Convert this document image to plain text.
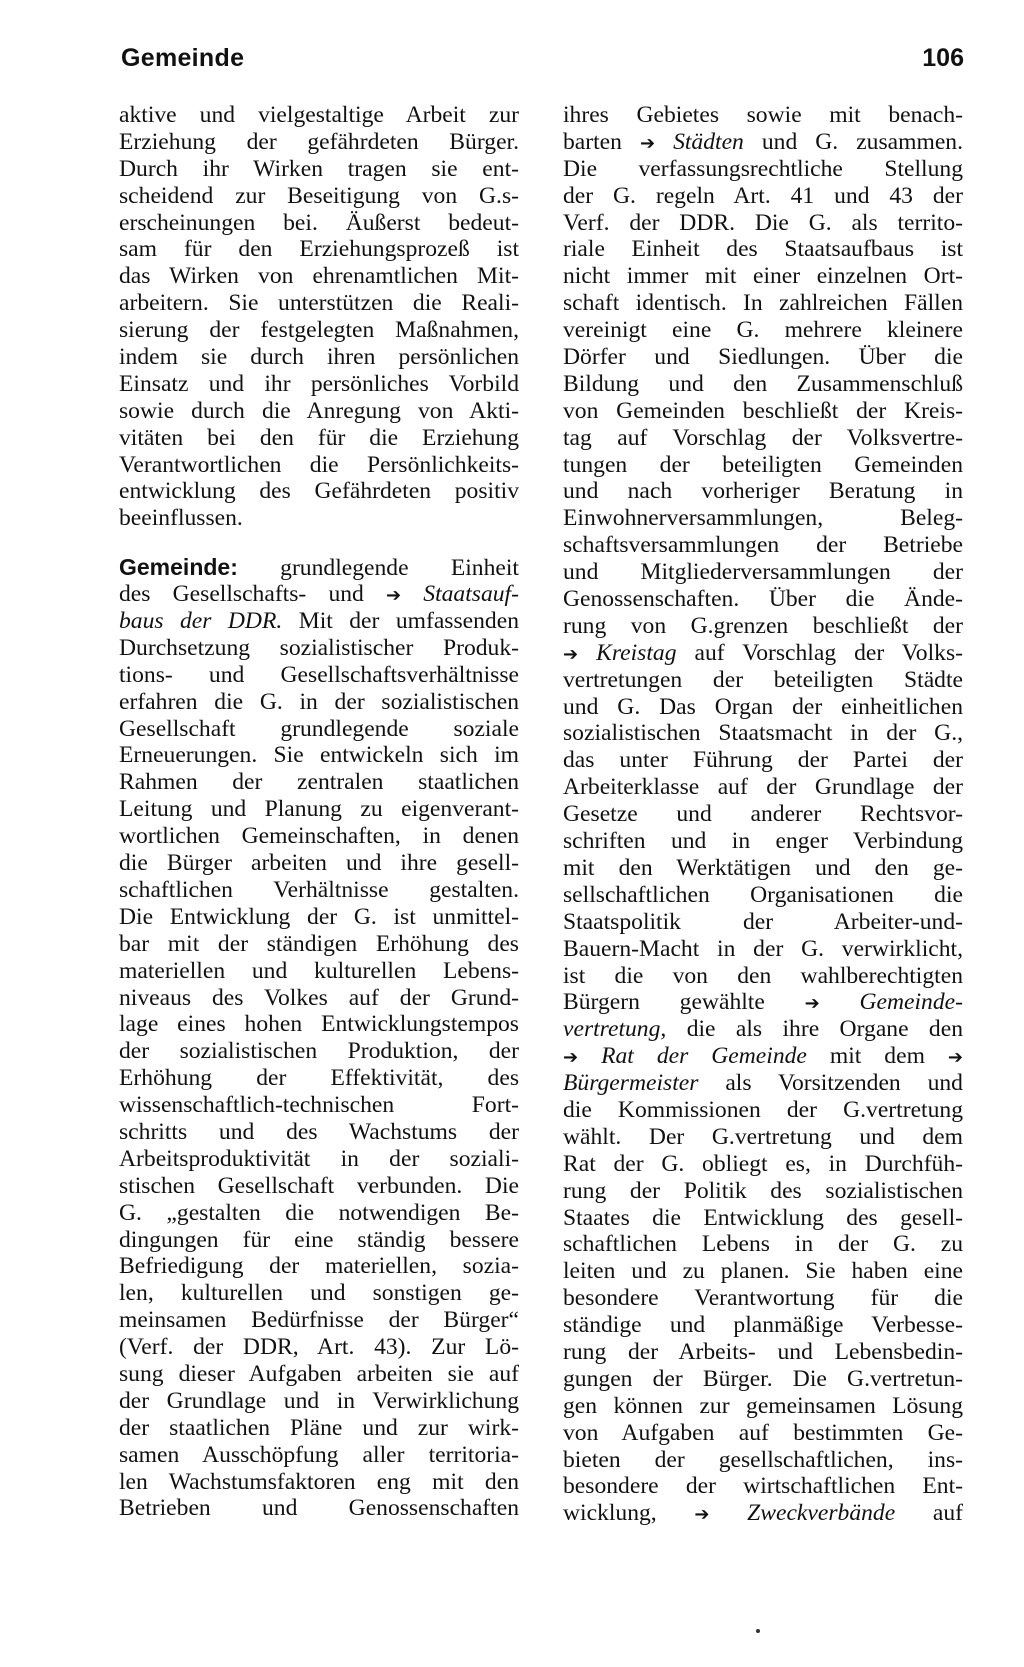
Gemeinde	106
aktive und vielgestaltige Arbeit zur
Erziehung der gefährdeten Bürger.
Durch ihr Wirken tragen sie ent-
scheidend zur Beseitigung von G.s-
erscheinungen bei. Äußerst bedeut-
sam für den Erziehungsprozeß ist
das Wirken von ehrenamtlichen Mit-
arbeitern. Sie unterstützen die Reali-
sierung der festgelegten Maßnahmen,
indem sie durch ihren persönlichen
Einsatz und ihr persönliches Vorbild
sowie durch die Anregung von Akti-
vitäten bei den für die Erziehung
Verantwortlichen die Persönlichkeits-
entwicklung des Gefährdeten positiv
beeinflussen.
Gemeinde: grundlegende Einheit
des Gesellschafts- und ➔ Staatsauf-
baus der DDR. Mit der umfassenden
Durchsetzung sozialistischer Produk-
tions- und Gesellschaftsverhältnisse
erfahren die G. in der sozialistischen
Gesellschaft grundlegende soziale
Erneuerungen. Sie entwickeln sich im
Rahmen der zentralen staatlichen
Leitung und Planung zu eigenverant-
wortlichen Gemeinschaften, in denen
die Bürger arbeiten und ihre gesell-
schaftlichen Verhältnisse gestalten.
Die Entwicklung der G. ist unmittel-
bar mit der ständigen Erhöhung des
materiellen und kulturellen Lebens-
niveaus des Volkes auf der Grund-
lage eines hohen Entwicklungstempos
der sozialistischen Produktion, der
Erhöhung der Effektivität, des
wissenschaftlich-technischen Fort-
schritts und des Wachstums der
Arbeitsproduktivität in der soziali-
stischen Gesellschaft verbunden. Die
G. „gestalten die notwendigen Be-
dingungen für eine ständig bessere
Befriedigung der materiellen, sozia-
len, kulturellen und sonstigen ge-
meinsamen Bedürfnisse der Bürger“
(Verf. der DDR, Art. 43). Zur Lö-
sung dieser Aufgaben arbeiten sie auf
der Grundlage und in Verwirklichung
der staatlichen Pläne und zur wirk-
samen Ausschöpfung aller territoria-
len Wachstumsfaktoren eng mit den
Betrieben und Genossenschaften
ihres Gebietes sowie mit benach-
barten ➔ Städten und G. zusammen.
Die verfassungsrechtliche Stellung
der G. regeln Art. 41 und 43 der
Verf. der DDR. Die G. als territo-
riale Einheit des Staatsaufbaus ist
nicht immer mit einer einzelnen Ort-
schaft identisch. In zahlreichen Fällen
vereinigt eine G. mehrere kleinere
Dörfer und Siedlungen. Über die
Bildung und den Zusammenschluß
von Gemeinden beschließt der Kreis-
tag auf Vorschlag der Volksvertre-
tungen der beteiligten Gemeinden
und nach vorheriger Beratung in
Einwohnerversammlungen, Beleg-
schaftsversammlungen der Betriebe
und Mitgliederversammlungen der
Genossenschaften. Über die Ände-
rung von G.grenzen beschließt der
➔ Kreistag auf Vorschlag der Volks-
vertretungen der beteiligten Städte
und G. Das Organ der einheitlichen
sozialistischen Staatsmacht in der G.,
das unter Führung der Partei der
Arbeiterklasse auf der Grundlage der
Gesetze und anderer Rechtsvor-
schriften und in enger Verbindung
mit den Werktätigen und den ge-
sellschaftlichen Organisationen die
Staatspolitik der Arbeiter-und-
Bauern-Macht in der G. verwirklicht,
ist die von den wahlberechtigten
Bürgern gewählte ➔ Gemeinde-
vertretung, die als ihre Organe den
➔ Rat der Gemeinde mit dem ➔
Bürgermeister als Vorsitzenden und
die Kommissionen der G.vertretung
wählt. Der G.vertretung und dem
Rat der G. obliegt es, in Durchfüh-
rung der Politik des sozialistischen
Staates die Entwicklung des gesell-
schaftlichen Lebens in der G. zu
leiten und zu planen. Sie haben eine
besondere Verantwortung für die
ständige und planmäßige Verbesse-
rung der Arbeits- und Lebensbedin-
gungen der Bürger. Die G.vertretun-
gen können zur gemeinsamen Lösung
von Aufgaben auf bestimmten Ge-
bieten der gesellschaftlichen, ins-
besondere der wirtschaftlichen Ent-
wicklung, ➔ Zweckverbände auf
